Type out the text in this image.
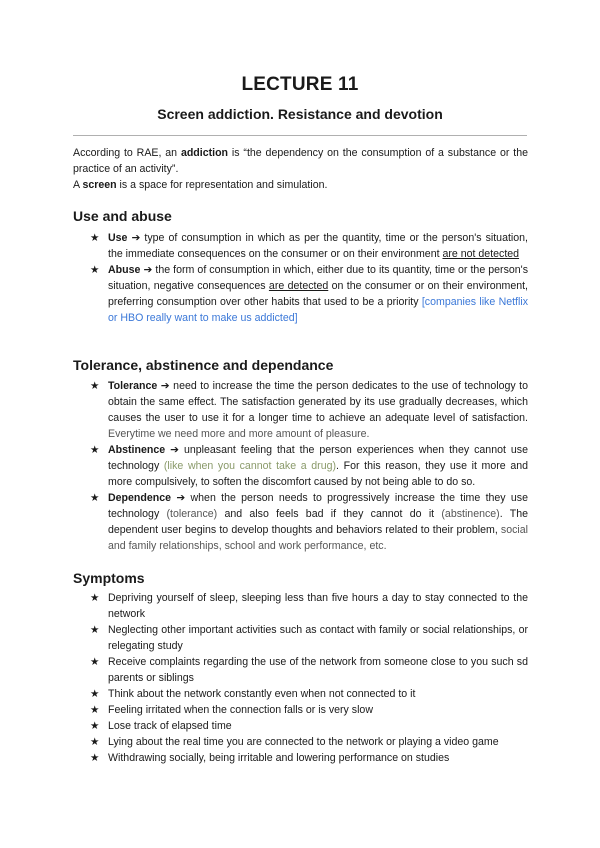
LECTURE 11
Screen addiction. Resistance and devotion

According to RAE, an addiction is “the dependency on the consumption of a substance or the practice of an activity”.

A screen is a space for representation and simulation.

Use and abuse
★ Use ➔ type of consumption in which as per the quantity, time or the person's situation, the immediate consequences on the consumer or on their environment are not detected
★ Abuse ➔ the form of consumption in which, either due to its quantity, time or the person's situation, negative consequences are detected on the consumer or on their environment, preferring consumption over other habits that used to be a priority [companies like Netflix or HBO really want to make us addicted]
Tolerance, abstinence and dependance
★ Tolerance ➔ need to increase the time the person dedicates to the use of technology to obtain the same effect. The satisfaction generated by its use gradually decreases, which causes the user to use it for a longer time to achieve an adequate level of satisfaction. Everytime we need more and more amount of pleasure.
★ Abstinence ➔ unpleasant feeling that the person experiences when they cannot use technology (like when you cannot take a drug). For this reason, they use it more and more compulsively, to soften the discomfort caused by not being able to do so.
★ Dependence ➔ when the person needs to progressively increase the time they use technology (tolerance) and also feels bad if they cannot do it (abstinence). The dependent user begins to develop thoughts and behaviors related to their problem, social and family relationships, school and work performance, etc.
Symptoms
★ Depriving yourself of sleep, sleeping less than five hours a day to stay connected to the network
★ Neglecting other important activities such as contact with family or social relationships, or relegating study
★ Receive complaints regarding the use of the network from someone close to you such sd parents or siblings
★ Think about the network constantly even when not connected to it
★ Feeling irritated when the connection falls or is very slow
★ Lose track of elapsed time
★ Lying about the real time you are connected to the network or playing a video game
★ Withdrawing socially, being irritable and lowering performance on studies
